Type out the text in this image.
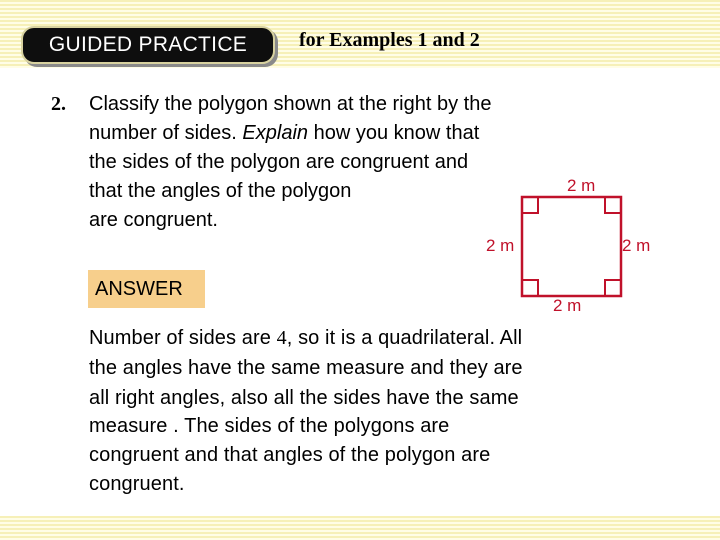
GUIDED PRACTICE	for Examples 1 and 2
2. Classify the polygon shown at the right by the
number of sides. Explain how you know that
the sides of the polygon are congruent and
that the angles of the polygon
are congruent.
2 m
2 m	2 m
2 m
ANSWER
Number of sides are 4, so it is a quadrilateral. All
the angles have the same measure and they are
all right angles, also all the sides have the same
measure . The sides of the polygons are
congruent and that angles of the polygon are
congruent.
